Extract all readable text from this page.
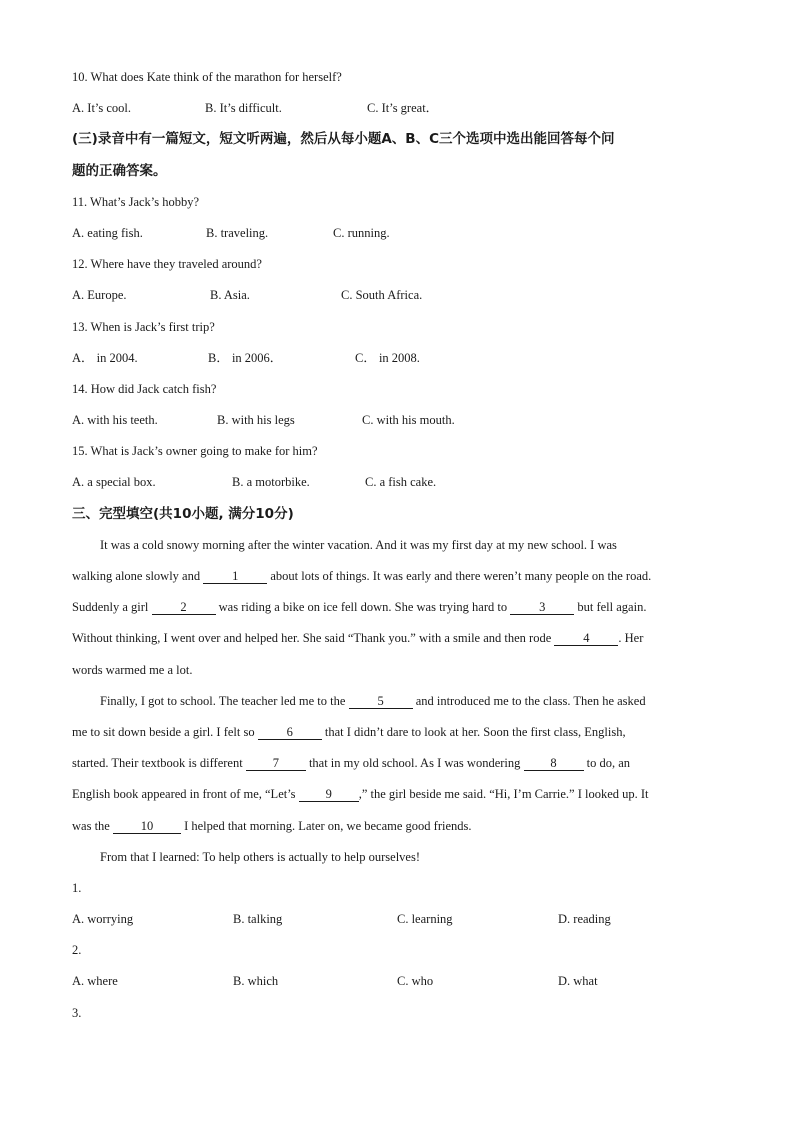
10. What does Kate think of the marathon for herself?
A. It’s cool.	B. It’s difficult.	C. It’s great．
(三)录音中有一篇短文，短文听两遍，然后从每小题A、B、C三个选项中选出能回答每个问
题的正确答案。
11. What’s Jack’s hobby?
A. eating fish.	B. traveling.	C. running.
12. Where have they traveled around?
A. Europe.	B. Asia.	C. South Africa.
13. When is Jack’s first trip?
A． in 2004.	B． in 2006．	C． in 2008.
14. How did Jack catch fish?
A. with his teeth.	B. with his legs	C. with his mouth.
15. What is Jack’s owner going to make for him?
A. a special box.	B. a motorbike.	C. a fish cake.
三、完型填空(共10小题, 满分10分)
It was a cold snowy morning after the winter vacation. And it was my first day at my new school. I was
walking alone slowly and 1 about lots of things. It was early and there weren’t many people on the road.
Suddenly a girl 2 was riding a bike on ice fell down. She was trying hard to 3 but fell again.
Without thinking, I went over and helped her. She said “Thank you.” with a smile and then rode 4 . Her
words warmed me a lot.
Finally, I got to school. The teacher led me to the 5 and introduced me to the class. Then he asked
me to sit down beside a girl. I felt so 6 that I didn’t dare to look at her. Soon the first class, English,
started. Their textbook is different 7 that in my old school. As I was wondering 8 to do, an
English book appeared in front of me, “Let’s 9 ,” the girl beside me said. “Hi, I’m Carrie.” I looked up. It
was the 10 I helped that morning. Later on, we became good friends.
From that I learned: To help others is actually to help ourselves!
1.
A. worrying	B. talking	C. learning	D. reading
2.
A. where	B. which	C. who	D. what
3.
